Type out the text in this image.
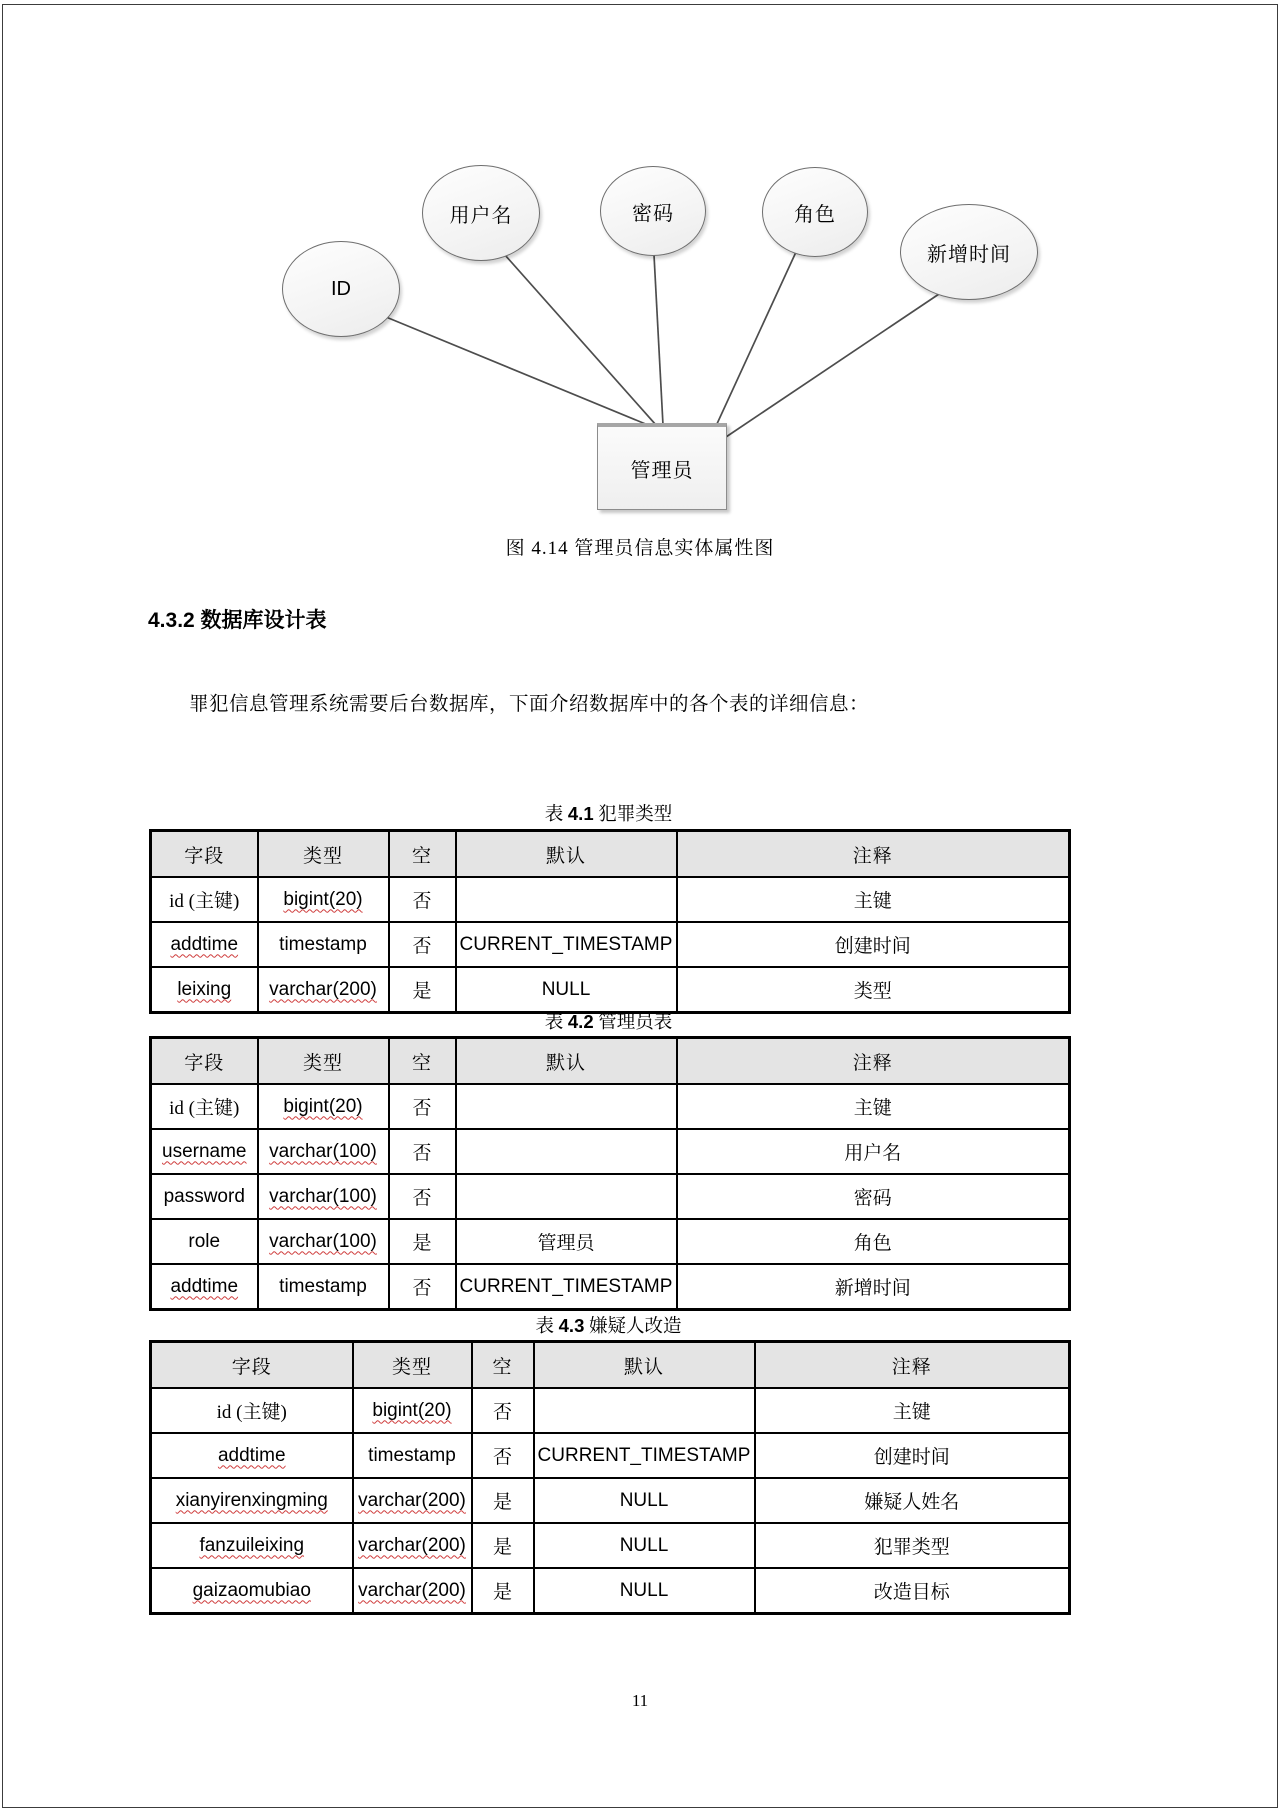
ID
用户名	密码	角色
新增时间
管理员
图 4.14 管理员信息实体属性图
4.3.2 数据库设计表
罪犯信息管理系统需要后台数据库，下面介绍数据库中的各个表的详细信息：
表 4.1 犯罪类型
字段	类型	空	默认	注释
id (主键)	bigint(20)	否		主键
addtime	timestamp	否	CURRENT_TIMESTAMP	创建时间
leixing	varchar(200)	是	NULL	类型
表 4.2 管理员表
字段	类型	空	默认	注释
id (主键)	bigint(20)	否		主键
username	varchar(100)	否		用户名
password	varchar(100)	否		密码
role	varchar(100)	是	管理员	角色
addtime	timestamp	否	CURRENT_TIMESTAMP	新增时间
表 4.3 嫌疑人改造
字段	类型	空	默认	注释
id (主键)	bigint(20)	否		主键
addtime	timestamp	否	CURRENT_TIMESTAMP	创建时间
xianyirenxingming	varchar(200)	是	NULL	嫌疑人姓名
fanzuileixing	varchar(200)	是	NULL	犯罪类型
gaizaomubiao	varchar(200)	是	NULL	改造目标
11
